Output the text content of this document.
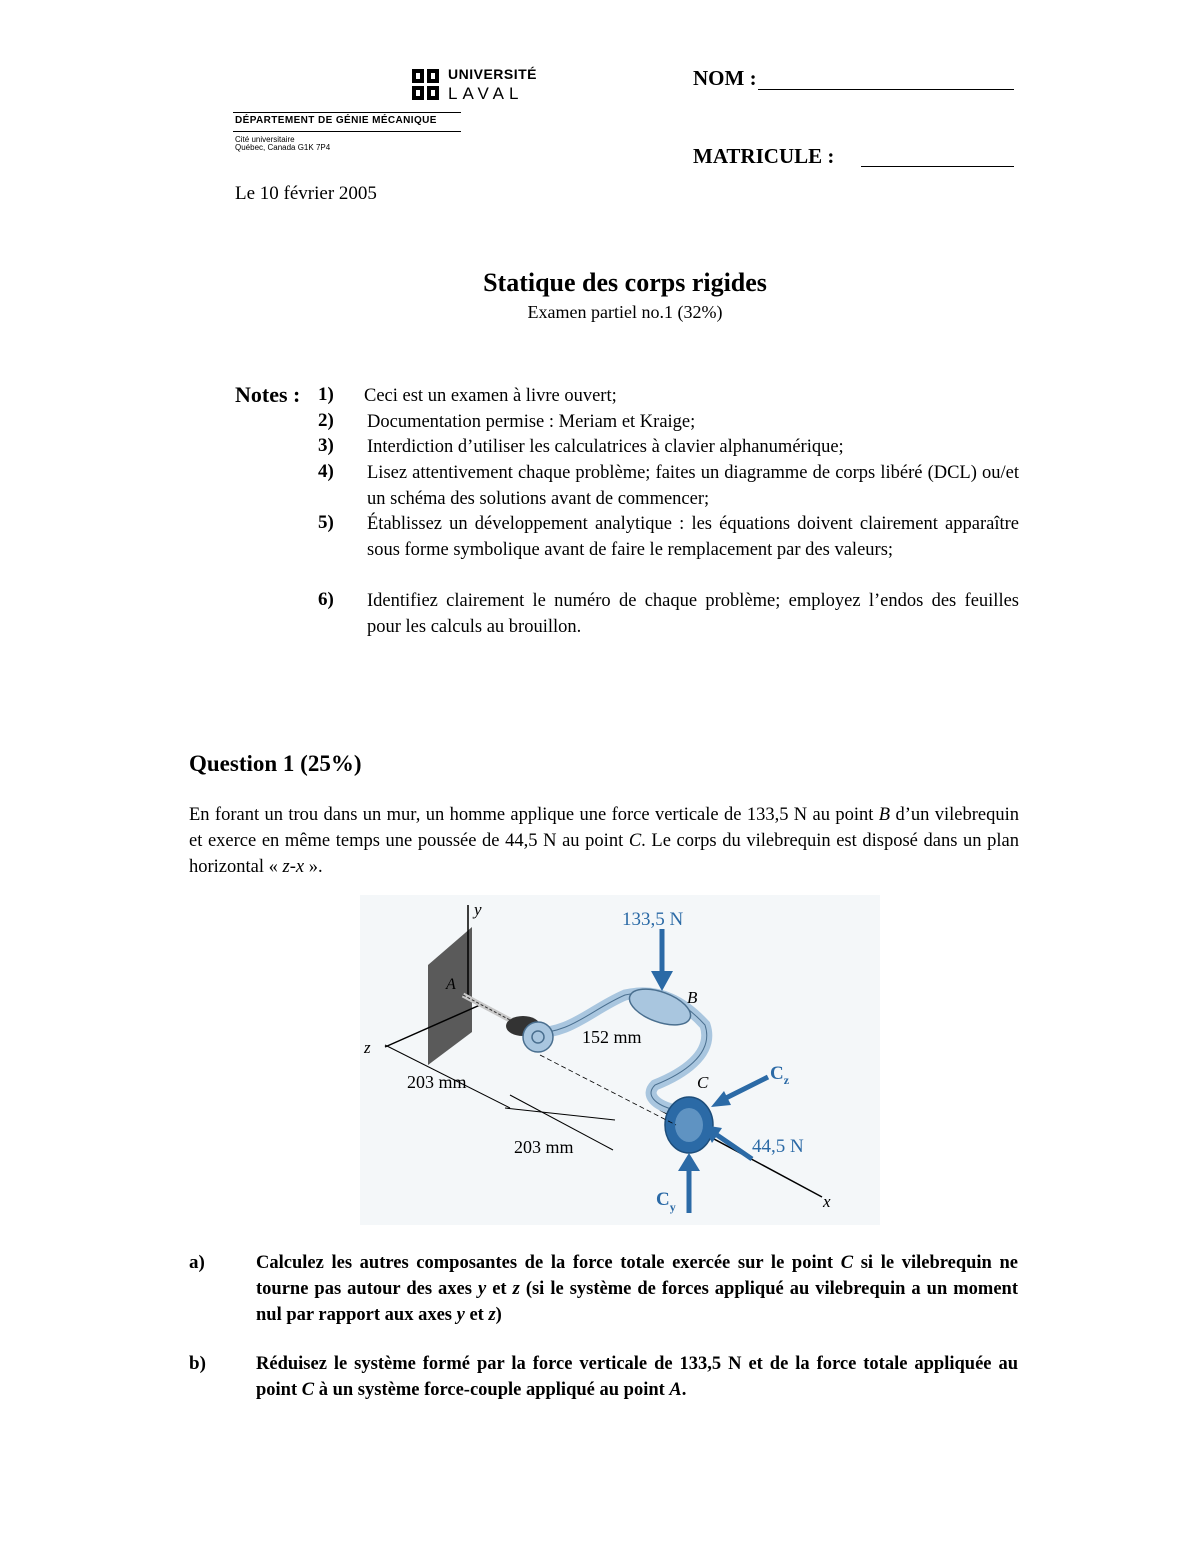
UNIVERSITÉ
LAVAL
DÉPARTEMENT DE GÉNIE MÉCANIQUE
Cité universitaire
Québec, Canada G1K 7P4
NOM :
MATRICULE :
Le 10 février 2005
Statique des corps rigides
Examen partiel no.1 (32%)
Notes : 1) Ceci est un examen à livre ouvert;
2) Documentation permise : Meriam et Kraige;
3) Interdiction d’utiliser les calculatrices à clavier alphanumérique;
4) Lisez attentivement chaque problème; faites un diagramme de corps libéré (DCL) ou/et un schéma des solutions avant de commencer;
5) Établissez un développement analytique : les équations doivent clairement apparaître sous forme symbolique avant de faire le remplacement par des valeurs;
6) Identifiez clairement le numéro de chaque problème; employez l’endos des feuilles pour les calculs au brouillon.
Question 1 (25%)
En forant un trou dans un mur, un homme applique une force verticale de 133,5 N au point B d’un vilebrequin et exerce en même temps une poussée de 44,5 N au point C. Le corps du vilebrequin est disposé dans un plan horizontal « z-x ».
y
z
x
A
B
C
133,5 N
$C_z$
44,5 N
$C_y$
152 mm
203 mm
203 mm
a)	Calculez les autres composantes de la force totale exercée sur le point C si le vilebrequin ne tourne pas autour des axes y et z (si le système de forces appliqué au vilebrequin a un moment nul par rapport aux axes y et z)
b)	Réduisez le système formé par la force verticale de 133,5 N et de la force totale appliquée au point C à un système force-couple appliqué au point A.
